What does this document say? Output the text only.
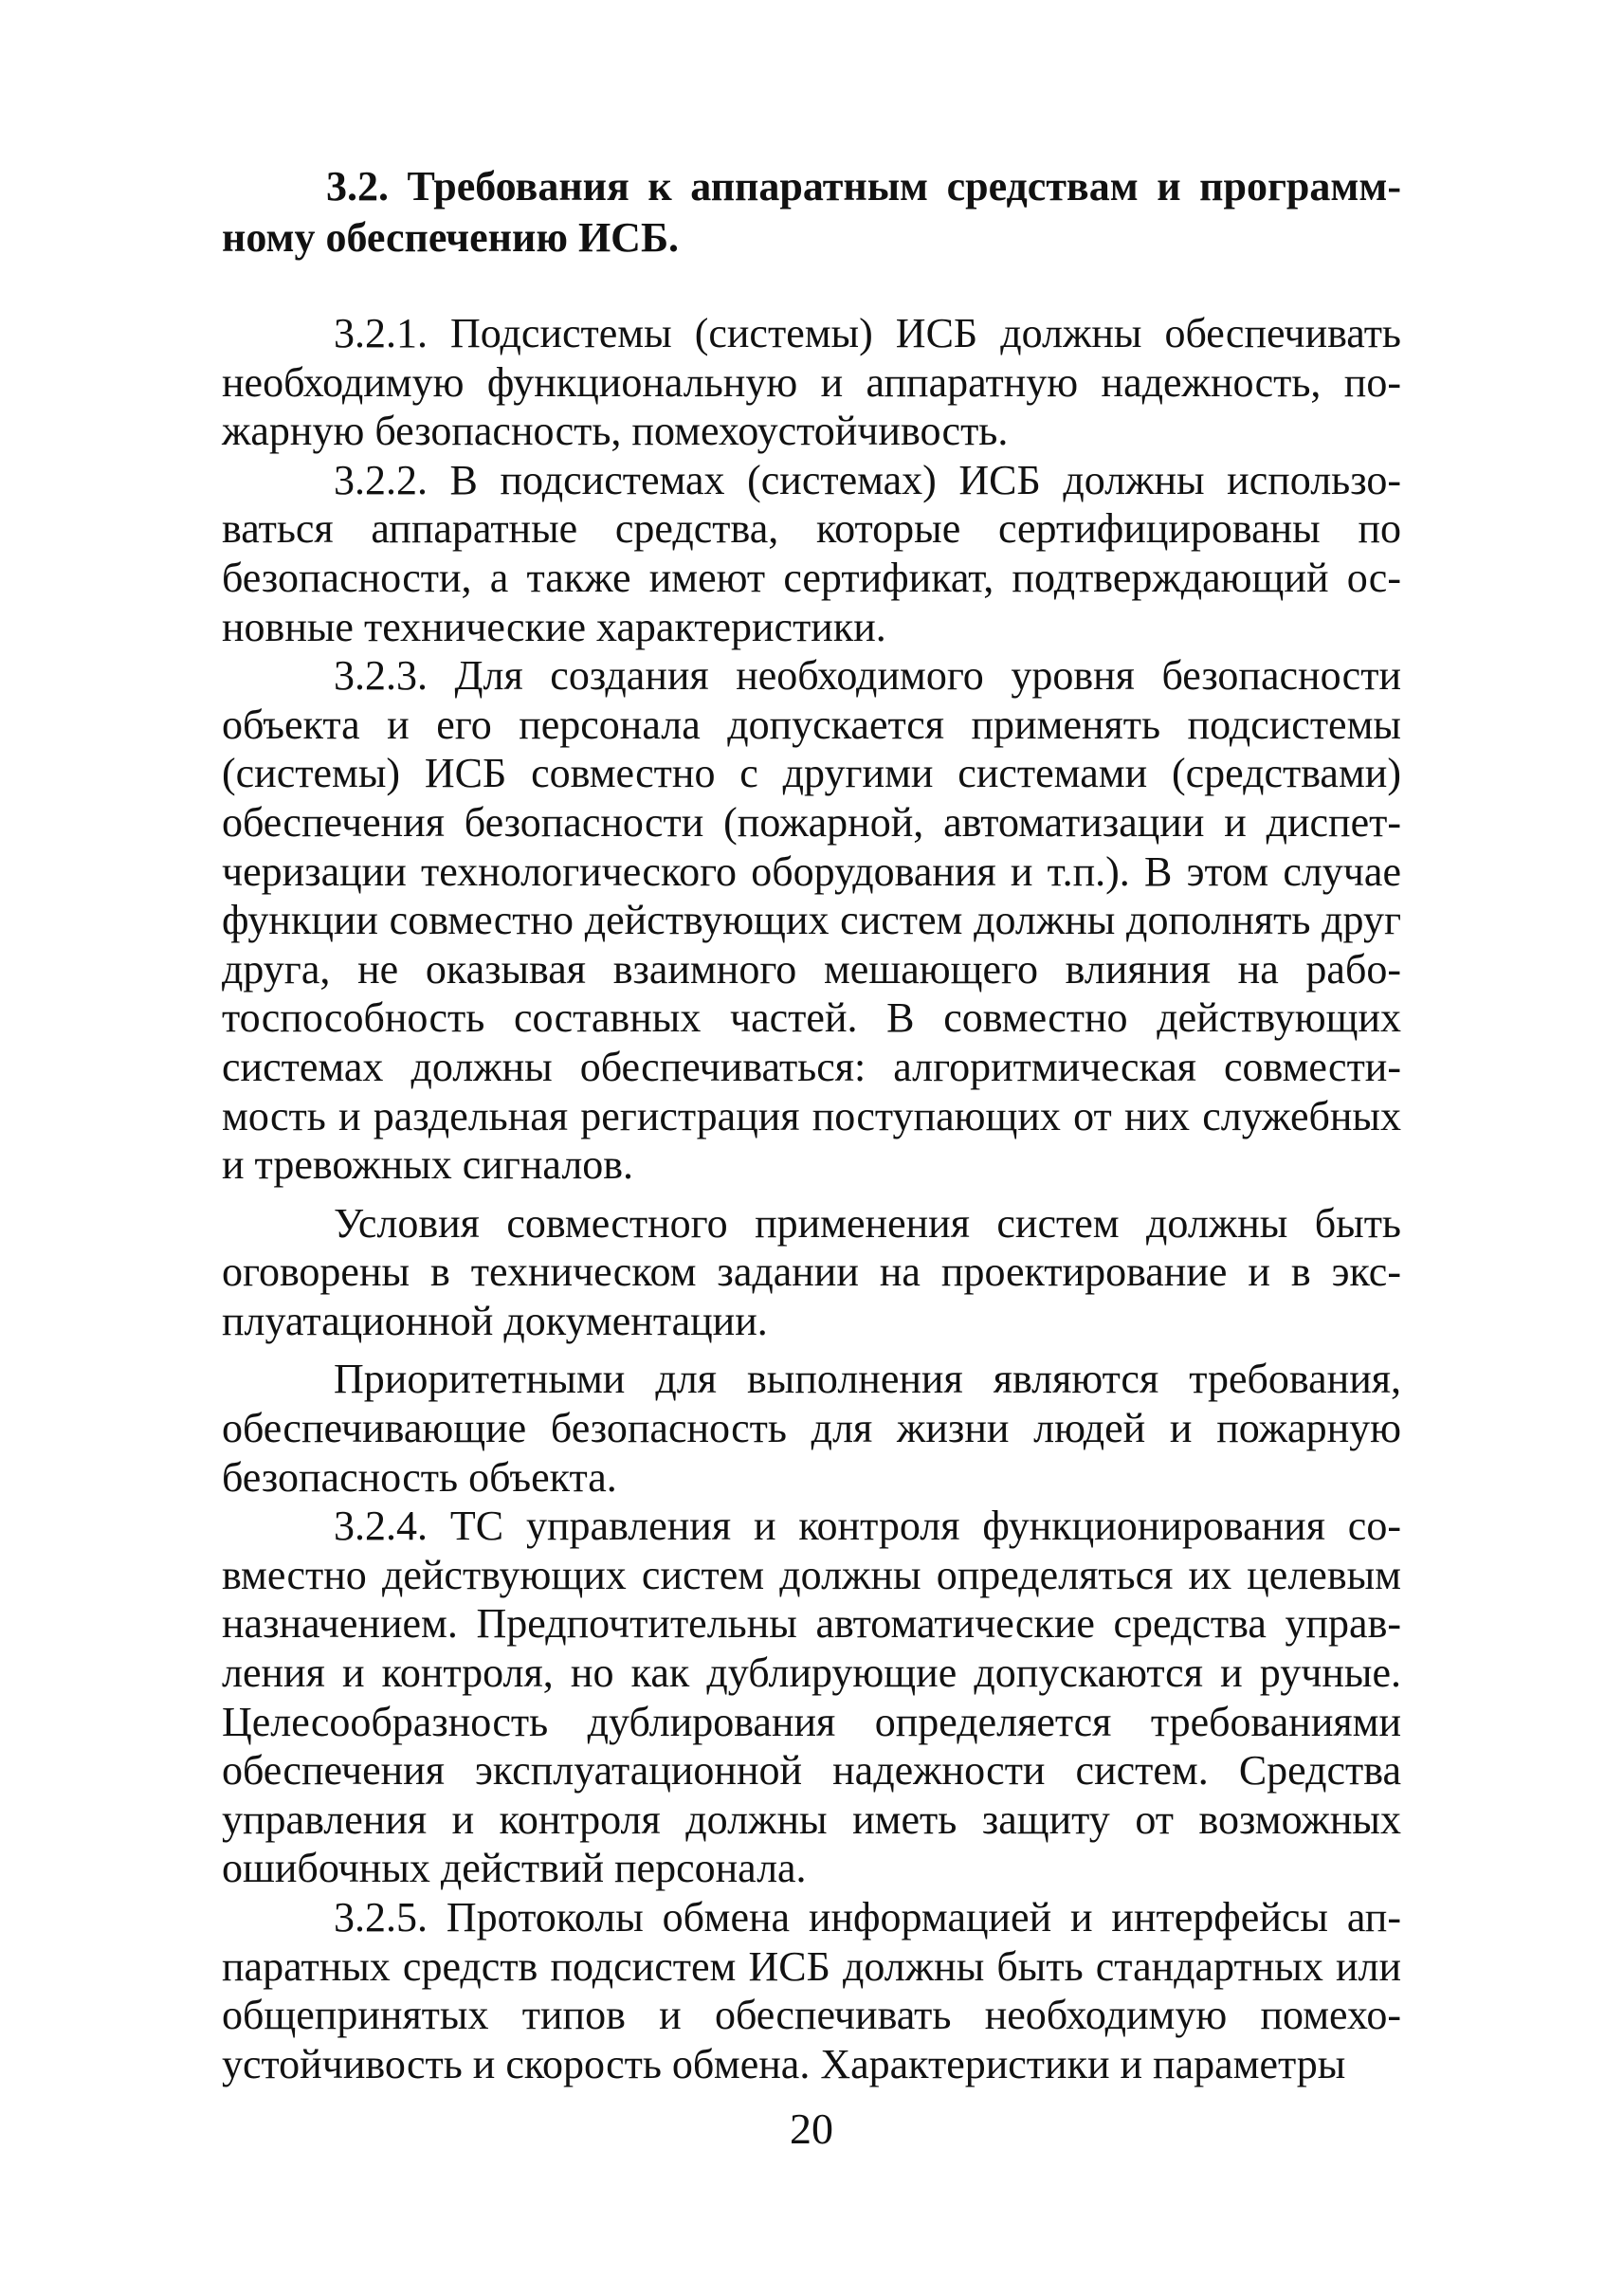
3.2. Требования к аппаратным средствам и программному обеспечению ИСБ.

3.2.1. Подсистемы (системы) ИСБ должны обеспечивать необходимую функциональную и аппаратную надежность, пожарную безопасность, помехоустойчивость.

3.2.2. В подсистемах (системах) ИСБ должны использоваться аппаратные средства, которые сертифицированы по безопасности, а также имеют сертификат, подтверждающий основные технические характеристики.

3.2.3. Для создания необходимого уровня безопасности объекта и его персонала допускается применять подсистемы (системы) ИСБ совместно с другими системами (средствами) обеспечения безопасности (пожарной, автоматизации и диспетчеризации технологического оборудования и т.п.). В этом случае функции совместно действующих систем должны дополнять друг друга, не оказывая взаимного мешающего влияния на работоспособность составных частей. В совместно действующих системах должны обеспечиваться: алгоритмическая совместимость и раздельная регистрация поступающих от них служебных и тревожных сигналов.

Условия совместного применения систем должны быть оговорены в техническом задании на проектирование и в эксплуатационной документации.

Приоритетными для выполнения являются требования, обеспечивающие безопасность для жизни людей и пожарную безопасность объекта.

3.2.4. ТС управления и контроля функционирования совместно действующих систем должны определяться их целевым назначением. Предпочтительны автоматические средства управления и контроля, но как дублирующие допускаются и ручные. Целесообразность дублирования определяется требованиями обеспечения эксплуатационной надежности систем. Средства управления и контроля должны иметь защиту от возможных ошибочных действий персонала.

3.2.5. Протоколы обмена информацией и интерфейсы аппаратных средств подсистем ИСБ должны быть стандартных или общепринятых типов и обеспечивать необходимую помехоустойчивость и скорость обмена. Характеристики и параметры

20
